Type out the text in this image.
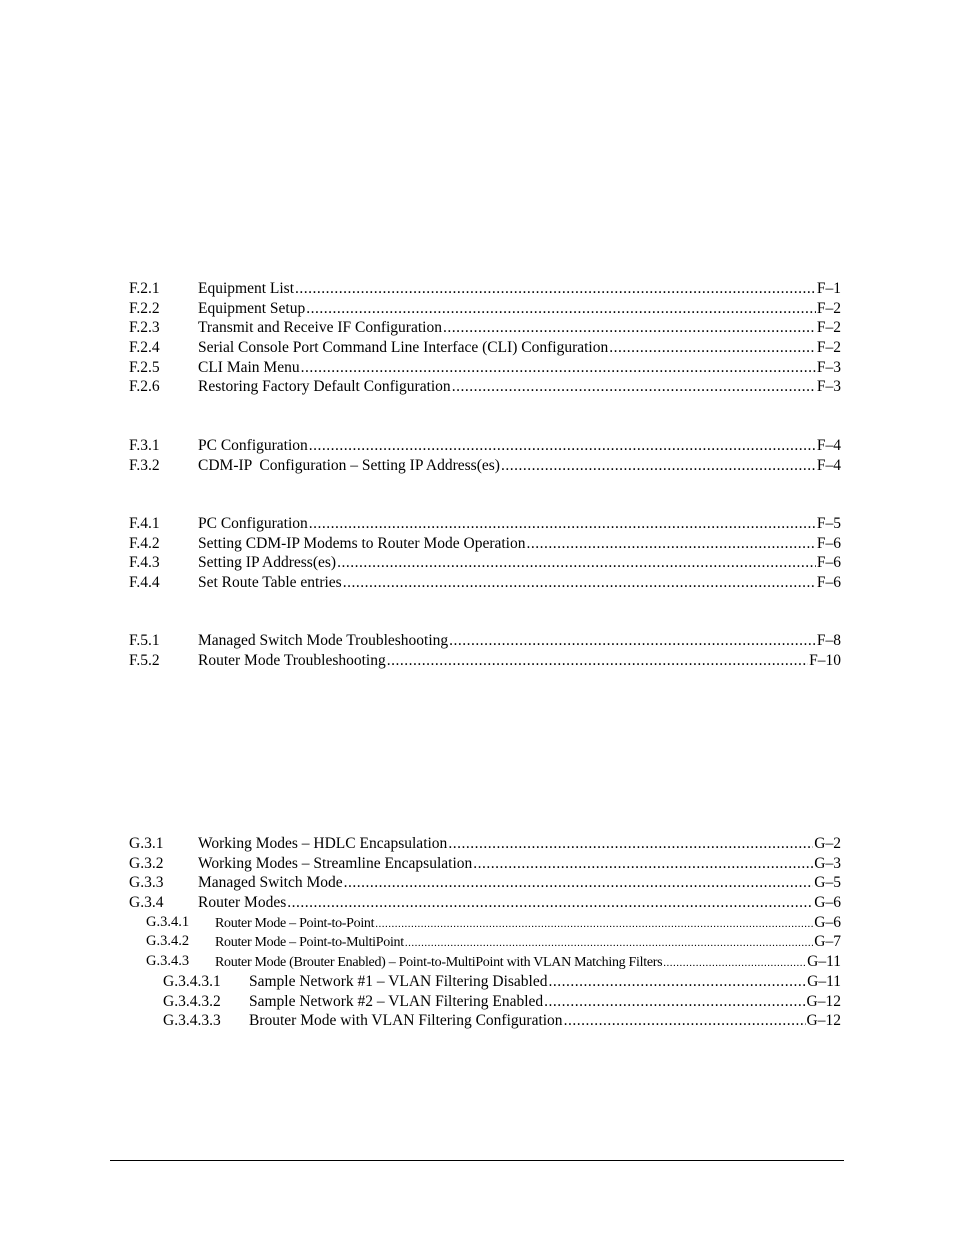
F.2.1 Equipment List .....	F–1
F.2.2 Equipment Setup .....	F–2
F.2.3 Transmit and Receive IF Configuration .....	F–2
F.2.4 Serial Console Port Command Line Interface (CLI) Configuration .....	F–2
F.2.5 CLI Main Menu .....	F–3
F.2.6 Restoring Factory Default Configuration .....	F–3
F.3.1 PC Configuration .....	F–4
F.3.2 CDM-IP  Configuration – Setting IP Address(es) .....	F–4
F.4.1 PC Configuration .....	F–5
F.4.2 Setting CDM-IP Modems to Router Mode Operation .....	F–6
F.4.3 Setting IP Address(es) .....	F–6
F.4.4 Set Route Table entries .....	F–6
F.5.1 Managed Switch Mode Troubleshooting .....	F–8
F.5.2 Router Mode Troubleshooting .....	F–10
G.3.1 Working Modes – HDLC Encapsulation .....	G–2
G.3.2 Working Modes – Streamline Encapsulation .....	G–3
G.3.3 Managed Switch Mode .....	G–5
G.3.4 Router Modes .....	G–6
G.3.4.1 Router Mode – Point-to-Point .....	G–6
G.3.4.2 Router Mode – Point-to-MultiPoint .....	G–7
G.3.4.3 Router Mode (Brouter Enabled) – Point-to-MultiPoint with VLAN Matching Filters .....	G–11
G.3.4.3.1 Sample Network #1 – VLAN Filtering Disabled .....	G–11
G.3.4.3.2 Sample Network #2 – VLAN Filtering Enabled .....	G–12
G.3.4.3.3 Brouter Mode with VLAN Filtering Configuration .....	G–12
